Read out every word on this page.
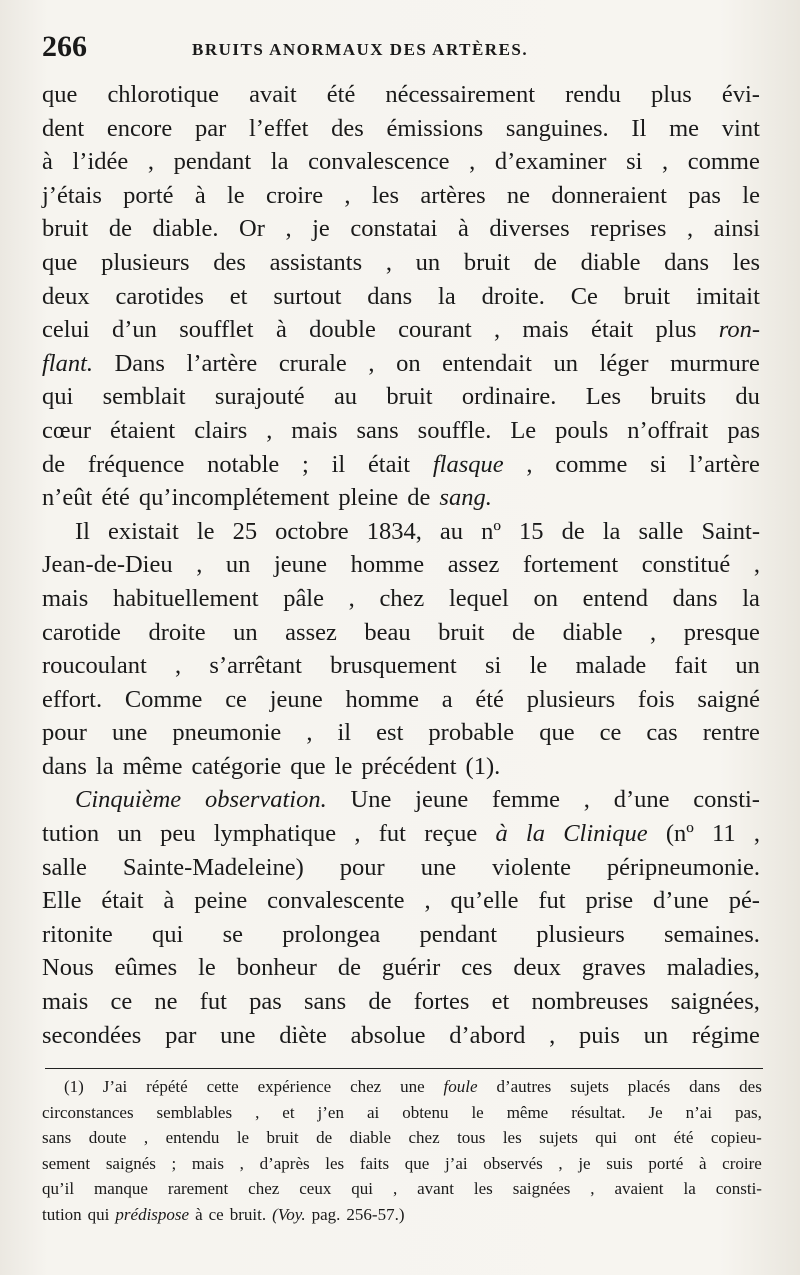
266	BRUITS ANORMAUX DES ARTÈRES.
que chlorotique avait été nécessairement rendu plus évi-
dent encore par l’effet des émissions sanguines. Il me vint
à l’idée , pendant la convalescence , d’examiner si , comme
j’étais porté à le croire , les artères ne donneraient pas le
bruit de diable. Or , je constatai à diverses reprises , ainsi
que plusieurs des assistants , un bruit de diable dans les
deux carotides et surtout dans la droite. Ce bruit imitait
celui d’un soufflet à double courant , mais était plus ron-
flant. Dans l’artère crurale , on entendait un léger murmure
qui semblait surajouté au bruit ordinaire. Les bruits du
cœur étaient clairs , mais sans souffle. Le pouls n’offrait pas
de fréquence notable ; il était flasque , comme si l’artère
n’eût été qu’incomplétement pleine de sang.
Il existait le 25 octobre 1834, au nº 15 de la salle Saint-
Jean-de-Dieu , un jeune homme assez fortement constitué ,
mais habituellement pâle , chez lequel on entend dans la
carotide droite un assez beau bruit de diable , presque
roucoulant , s’arrêtant brusquement si le malade fait un
effort. Comme ce jeune homme a été plusieurs fois saigné
pour une pneumonie , il est probable que ce cas rentre
dans la même catégorie que le précédent (1).
Cinquième observation. Une jeune femme , d’une consti-
tution un peu lymphatique , fut reçue à la Clinique (nº 11 ,
salle Sainte-Madeleine) pour une violente péripneumonie.
Elle était à peine convalescente , qu’elle fut prise d’une pé-
ritonite qui se prolongea pendant plusieurs semaines.
Nous eûmes le bonheur de guérir ces deux graves maladies,
mais ce ne fut pas sans de fortes et nombreuses saignées,
secondées par une diète absolue d’abord , puis un régime
(1) J’ai répété cette expérience chez une foule d’autres sujets placés dans des
circonstances semblables , et j’en ai obtenu le même résultat. Je n’ai pas,
sans doute , entendu le bruit de diable chez tous les sujets qui ont été copieu-
sement saignés ; mais , d’après les faits que j’ai observés , je suis porté à croire
qu’il manque rarement chez ceux qui , avant les saignées , avaient la consti-
tution qui prédispose à ce bruit. (Voy. pag. 256-57.)
